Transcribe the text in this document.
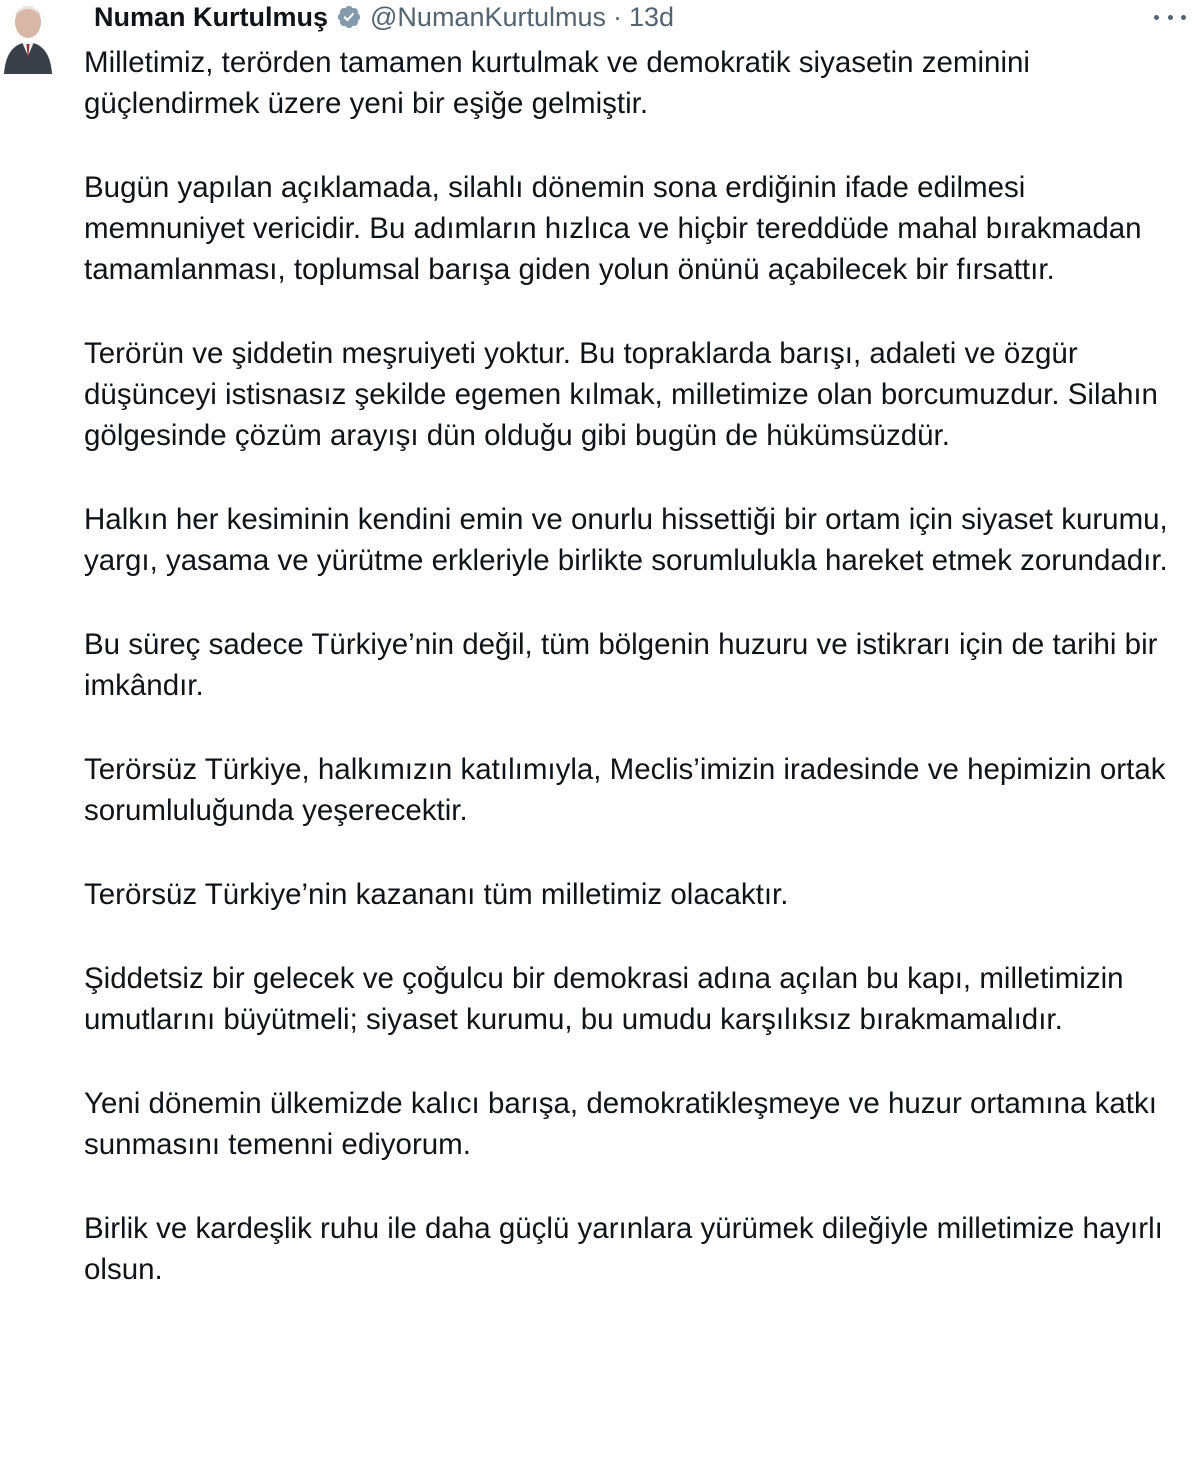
Numan Kurtulmuş @NumanKurtulmus · 13d

Milletimiz, terörden tamamen kurtulmak ve demokratik siyasetin zeminini güçlendirmek üzere yeni bir eşiğe gelmiştir.

Bugün yapılan açıklamada, silahlı dönemin sona erdiğinin ifade edilmesi memnuniyet vericidir. Bu adımların hızlıca ve hiçbir tereddüde mahal bırakmadan tamamlanması, toplumsal barışa giden yolun önünü açabilecek bir fırsattır.

Terörün ve şiddetin meşruiyeti yoktur. Bu topraklarda barışı, adaleti ve özgür düşünceyi istisnasız şekilde egemen kılmak, milletimize olan borcumuzdur. Silahın gölgesinde çözüm arayışı dün olduğu gibi bugün de hükümsüzdür.

Halkın her kesiminin kendini emin ve onurlu hissettiği bir ortam için siyaset kurumu, yargı, yasama ve yürütme erkleriyle birlikte sorumlulukla hareket etmek zorundadır.

Bu süreç sadece Türkiye’nin değil, tüm bölgenin huzuru ve istikrarı için de tarihi bir imkândır.

Terörsüz Türkiye, halkımızın katılımıyla, Meclis’imizin iradesinde ve hepimizin ortak sorumluluğunda yeşerecektir.

Terörsüz Türkiye’nin kazananı tüm milletimiz olacaktır.

Şiddetsiz bir gelecek ve çoğulcu bir demokrasi adına açılan bu kapı, milletimizin umutlarını büyütmeli; siyaset kurumu, bu umudu karşılıksız bırakmamalıdır.

Yeni dönemin ülkemizde kalıcı barışa, demokratikleşmeye ve huzur ortamına katkı sunmasını temenni ediyorum.

Birlik ve kardeşlik ruhu ile daha güçlü yarınlara yürümek dileğiyle milletimize hayırlı olsun.
